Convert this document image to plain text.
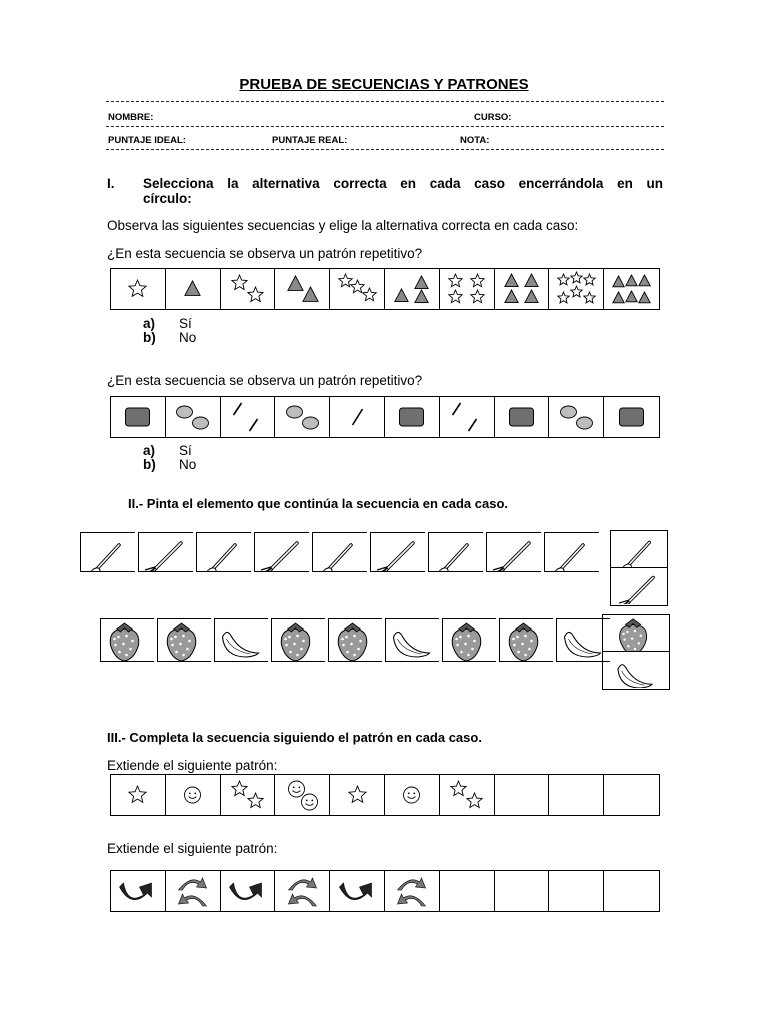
PRUEBA DE SECUENCIAS Y PATRONES
NOMBRE:	CURSO:
PUNTAJE IDEAL:	PUNTAJE REAL:	NOTA:
I. Selecciona la alternativa correcta en cada caso encerrándola en un
círculo:
Observa las siguientes secuencias y elige la alternativa correcta en cada caso:
¿En esta secuencia se observa un patrón repetitivo?
a) Sí
b) No
¿En esta secuencia se observa un patrón repetitivo?
a) Sí
b) No
II.- Pinta el elemento que continúa la secuencia en cada caso.
III.- Completa la secuencia siguiendo el patrón en cada caso.
Extiende el siguiente patrón:
Extiende el siguiente patrón:
